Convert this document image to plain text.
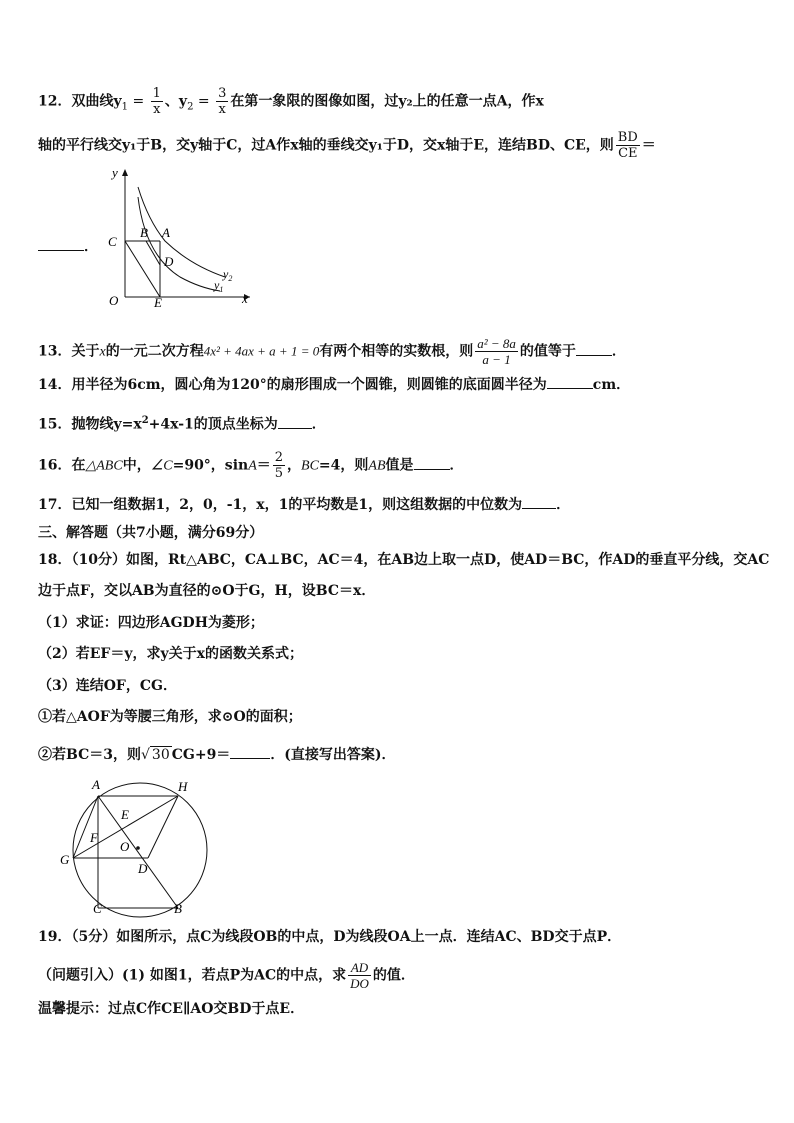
12．双曲线$y_1 = \frac{1}{x}$ 、$y_2 = \frac{3}{x}$ 在第一象限的图像如图，过y₂上的任意一点A，作x
轴的平行线交y₁于B，交y轴于C，过A作x轴的垂线交y₁于D，交x轴于E，连结BD、CE，则 $\frac{BD}{CE}$ ＝
y
x
O
C
B A
D
E
$y_2$
$y_1$
．
13．关于x的一元二次方程4x² + 4ax + a + 1 = 0有两个相等的实数根，则 $\frac{\text{a² − 8a}}{a - 1}$ 的值等于	．
14．用半径为6cm，圆心角为120°的扇形围成一个圆锥，则圆锥的底面圆半径为	cm．
15．抛物线$y=x^2+4x-1$的顶点坐标为 ．
16．在△ABC中，∠C=90°，$\sin A= \frac{2}{5}$ ，BC=4，则AB值是	．
17．已知一组数据1，2，0，-1，x，1的平均数是1，则这组数据的中位数为 ．
三、解答题（共7小题，满分69分）
18．（10分）如图，Rt△ABC，CA⊥BC，AC＝4，在AB边上取一点D，使AD＝BC，作AD的垂直平分线，交AC
边于点F，交以AB为直径的⊙O于G，H，设BC＝x．
（1）求证：四边形AGDH为菱形；
（2）若EF＝y，求y关于x的函数关系式；
（3）连结OF，CG．
①若△AOF为等腰三角形，求⊙O的面积；
②若BC＝3，则√ 30 CG+9＝	．(直接写出答案)．
A	H
E
F
O
G
D
C	B
19．（5分）如图所示，点C为线段OB的中点，D为线段OA上一点．连结AC、BD交于点P．
（问题引入）(1) 如图1，若点P为AC的中点，求 $\frac{AD}{DO}$ 的值．
温馨提示：过点C作CE∥AO交BD于点E．
